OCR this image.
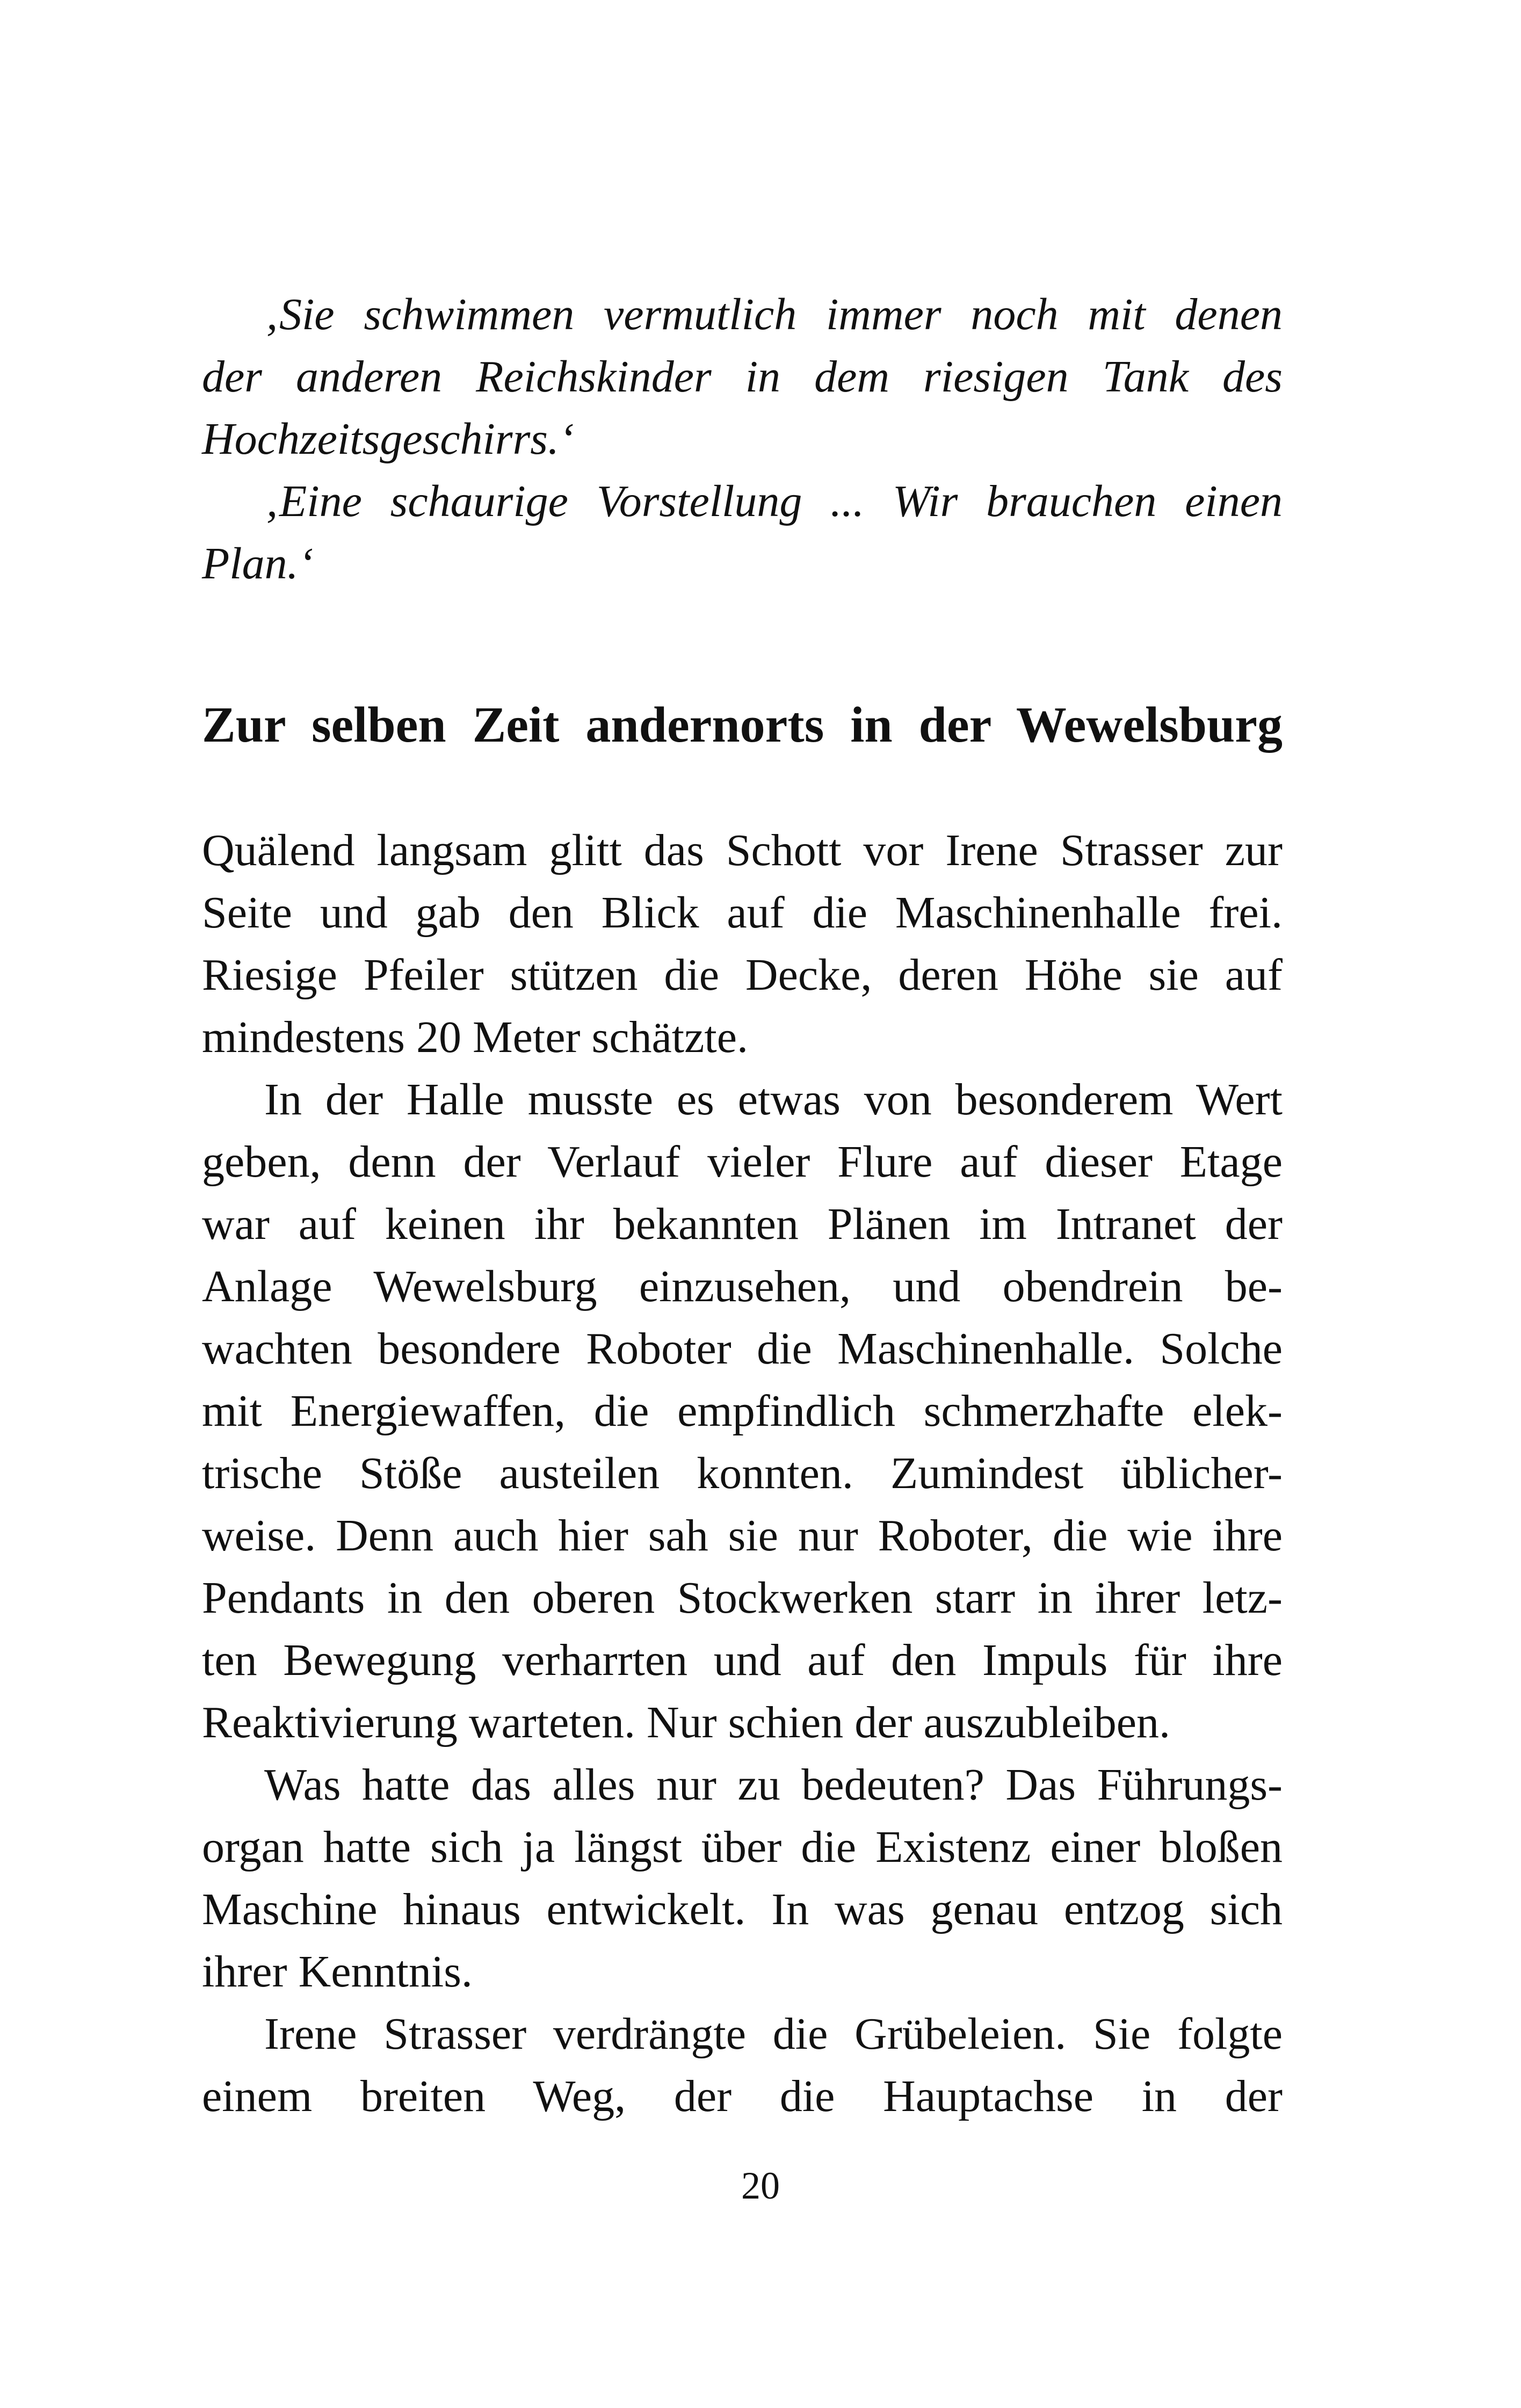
‚Sie schwimmen vermutlich immer noch mit denen
der anderen Reichskinder in dem riesigen Tank des
Hochzeitsgeschirrs.‘
‚Eine schaurige Vorstellung ... Wir brauchen einen
Plan.‘
Zur selben Zeit andernorts in der Wewelsburg
Quälend langsam glitt das Schott vor Irene Strasser zur
Seite und gab den Blick auf die Maschinenhalle frei.
Riesige Pfeiler stützen die Decke, deren Höhe sie auf
mindestens 20 Meter schätzte.
In der Halle musste es etwas von besonderem Wert
geben, denn der Verlauf vieler Flure auf dieser Etage
war auf keinen ihr bekannten Plänen im Intranet der
Anlage Wewelsburg einzusehen, und obendrein be-
wachten besondere Roboter die Maschinenhalle. Solche
mit Energiewaffen, die empfindlich schmerzhafte elek-
trische Stöße austeilen konnten. Zumindest üblicher-
weise. Denn auch hier sah sie nur Roboter, die wie ihre
Pendants in den oberen Stockwerken starr in ihrer letz-
ten Bewegung verharrten und auf den Impuls für ihre
Reaktivierung warteten. Nur schien der auszubleiben.
Was hatte das alles nur zu bedeuten? Das Führungs-
organ hatte sich ja längst über die Existenz einer bloßen
Maschine hinaus entwickelt. In was genau entzog sich
ihrer Kenntnis.
Irene Strasser verdrängte die Grübeleien. Sie folgte
einem breiten Weg, der die Hauptachse in der
20
